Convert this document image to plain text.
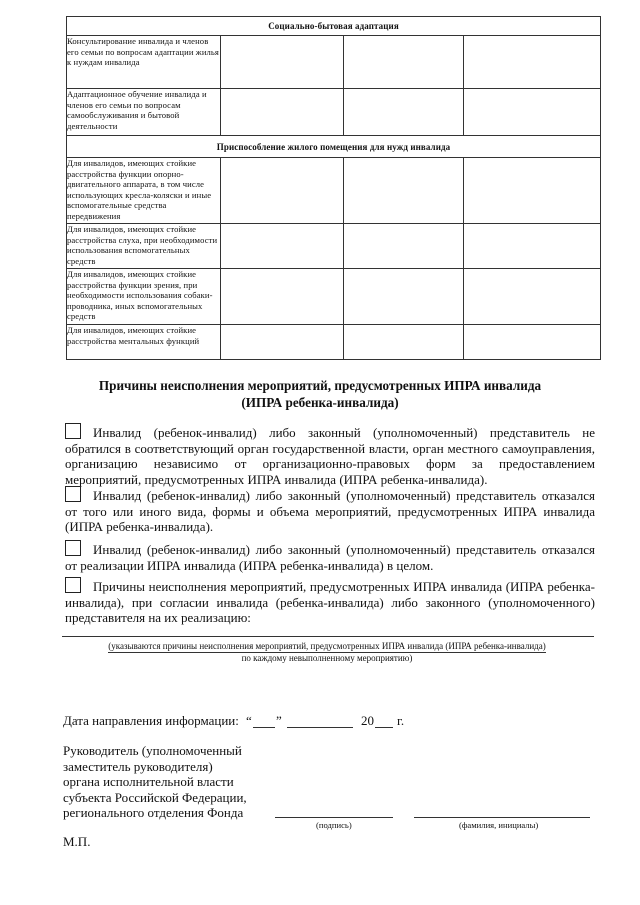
Социально-бытовая адаптация			
Консультирование инвалида и членов его семьи по вопросам адаптации жилья к нуждам инвалида			
Адаптационное обучение инвалида и членов его семьи по вопросам самообслуживания и бытовой деятельности			
Приспособление жилого помещения для нужд инвалида			
Для инвалидов, имеющих стойкие расстройства функции опорно-двигательного аппарата, в том числе использующих кресла-коляски и иные вспомогательные средства передвижения			
Для инвалидов, имеющих стойкие расстройства слуха, при необходимости использования вспомогательных средств			
Для инвалидов, имеющих стойкие расстройства функции зрения, при необходимости использования собаки-проводника, иных вспомогательных средств			
Для инвалидов, имеющих стойкие расстройства ментальных функций			
Причины неисполнения мероприятий, предусмотренных ИПРА инвалида
(ИПРА ребенка-инвалида)
Инвалид (ребенок-инвалид) либо законный (уполномоченный) представитель не обратился в соответствующий орган государственной власти, орган местного самоуправления, организацию независимо от организационно-правовых форм за предоставлением мероприятий, предусмотренных ИПРА инвалида (ИПРА ребенка-инвалида).
Инвалид (ребенок-инвалид) либо законный (уполномоченный) представитель отказался от того или иного вида, формы и объема мероприятий, предусмотренных ИПРА инвалида (ИПРА ребенка-инвалида).
Инвалид (ребенок-инвалид) либо законный (уполномоченный) представитель отказался от реализации ИПРА инвалида (ИПРА ребенка-инвалида) в целом.
Причины неисполнения мероприятий, предусмотренных ИПРА инвалида (ИПРА ребенка-инвалида), при согласии инвалида (ребенка-инвалида) либо законного (уполномоченного) представителя на их реализацию:
(указываются причины неисполнения мероприятий, предусмотренных ИПРА инвалида (ИПРА ребенка-инвалида)
по каждому невыполненному мероприятию)
Дата направления информации: “ ”	20 г.
Руководитель (уполномоченный
заместитель руководителя)
органа исполнительной власти
субъекта Российской Федерации,
регионального отделения Фонда
(подпись)	(фамилия, инициалы)
М.П.
